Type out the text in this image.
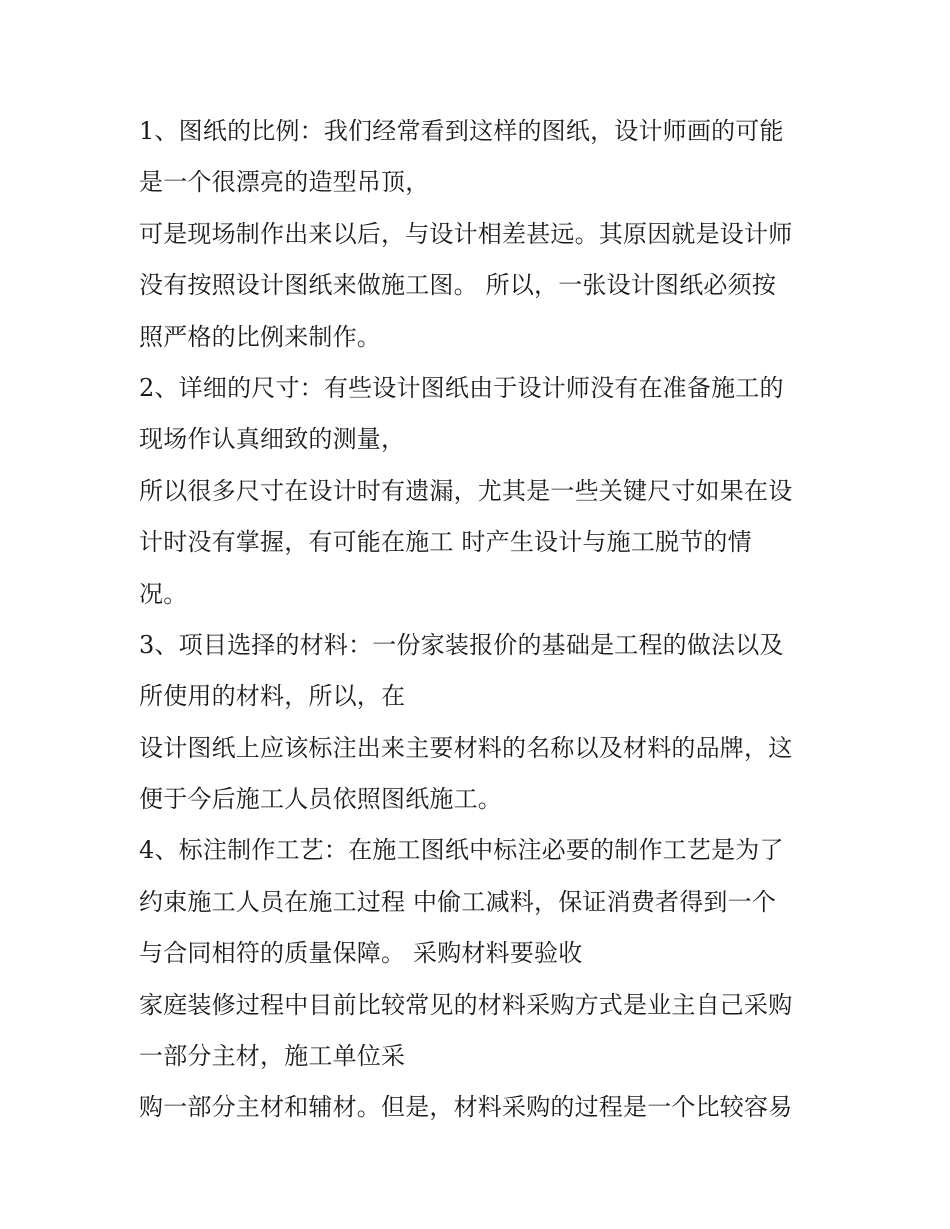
1、图纸的比例：我们经常看到这样的图纸，设计师画的可能
是一个很漂亮的造型吊顶，
可是现场制作出来以后，与设计相差甚远。其原因就是设计师
没有按照设计图纸来做施工图。 所以，一张设计图纸必须按
照严格的比例来制作。
2、详细的尺寸：有些设计图纸由于设计师没有在准备施工的
现场作认真细致的测量，
所以很多尺寸在设计时有遗漏，尤其是一些关键尺寸如果在设
计时没有掌握，有可能在施工 时产生设计与施工脱节的情
况。
3、项目选择的材料：一份家装报价的基础是工程的做法以及
所使用的材料，所以，在
设计图纸上应该标注出来主要材料的名称以及材料的品牌，这
便于今后施工人员依照图纸施工。
4、标注制作工艺：在施工图纸中标注必要的制作工艺是为了
约束施工人员在施工过程 中偷工减料，保证消费者得到一个
与合同相符的质量保障。 采购材料要验收
家庭装修过程中目前比较常见的材料采购方式是业主自己采购
一部分主材，施工单位采
购一部分主材和辅材。但是，材料采购的过程是一个比较容易
